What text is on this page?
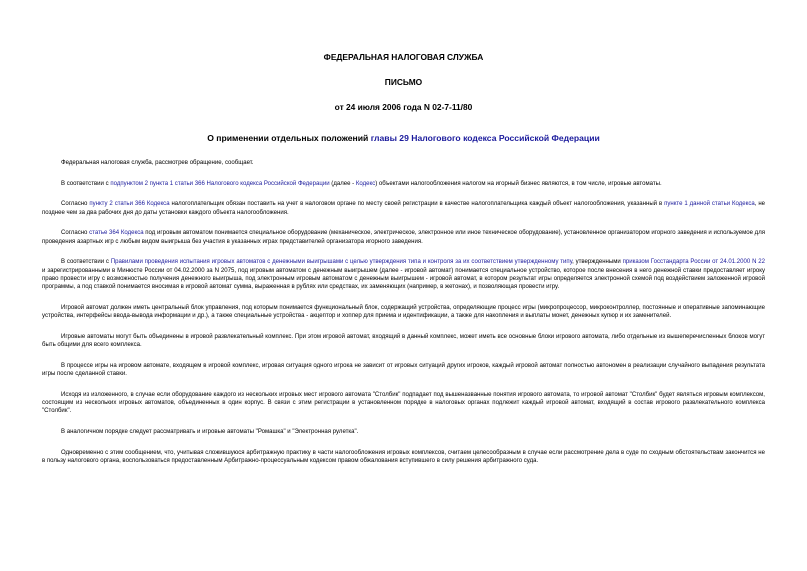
ФЕДЕРАЛЬНАЯ НАЛОГОВАЯ СЛУЖБА
ПИСЬМО
от 24 июля 2006 года N 02-7-11/80
О применении отдельных положений главы 29 Налогового кодекса Российской Федерации
Федеральная налоговая служба, рассмотрев обращение, сообщает.
В соответствии с подпунктом 2 пункта 1 статьи 366 Налогового кодекса Российской Федерации (далее - Кодекс) объектами налогообложения налогом на игорный бизнес являются, в том числе, игровые автоматы.
Согласно пункту 2 статьи 366 Кодекса налогоплательщик обязан поставить на учет в налоговом органе по месту своей регистрации в качестве налогоплательщика каждый объект налогообложения, указанный в пункте 1 данной статьи Кодекса, не позднее чем за два рабочих дня до даты установки каждого объекта налогообложения.
Согласно статье 364 Кодекса под игровым автоматом понимается специальное оборудование (механическое, электрическое, электронное или иное техническое оборудование), установленное организатором игорного заведения и используемое для проведения азартных игр с любым видом выигрыша без участия в указанных играх представителей организатора игорного заведения.
В соответствии с Правилами проведения испытания игровых автоматов с денежными выигрышами с целью утверждения типа и контроля за их соответствием утвержденному типу, утвержденными приказом Госстандарта России от 24.01.2000 N 22 и зарегистрированными в Минюсте России от 04.02.2000 за N 2075, под игровым автоматом с денежным выигрышем (далее - игровой автомат) понимается специальное устройство, которое после внесения в него денежной ставки предоставляет игроку право провести игру с возможностью получения денежного выигрыша, под электронным игровым автоматом с денежным выигрышем - игровой автомат, в котором результат игры определяется электронной схемой под воздействием заложенной игровой программы, а под ставкой понимается вносимая в игровой автомат сумма, выраженная в рублях или средствах, их заменяющих (например, в жетонах), и позволяющая провести игру.
Игровой автомат должен иметь центральный блок управления, под которым понимается функциональный блок, содержащий устройства, определяющие процесс игры (микропроцессор, микроконтроллер, постоянные и оперативные запоминающие устройства, интерфейсы ввода-вывода информации и др.), а также специальные устройства - акцептор и хоппер для приема и идентификации, а также для накопления и выплаты монет, денежных купюр и их заменителей.
Игровые автоматы могут быть объединены в игровой развлекательный комплекс. При этом игровой автомат, входящий в данный комплекс, может иметь все основные блоки игрового автомата, либо отдельные из вышеперечисленных блоков могут быть общими для всего комплекса.
В процессе игры на игровом автомате, входящем в игровой комплекс, игровая ситуация одного игрока не зависит от игровых ситуаций других игроков, каждый игровой автомат полностью автономен в реализации случайного выпадения результата игры после сделанной ставки.
Исходя из изложенного, в случае если оборудование каждого из нескольких игровых мест игрового автомата "Столбик" подпадает под вышеназванные понятия игрового автомата, то игровой автомат "Столбик" будет являться игровым комплексом, состоящим из нескольких игровых автоматов, объединенных в один корпус. В связи с этим регистрации в установленном порядке в налоговых органах подлежит каждый игровой автомат, входящий в состав игрового развлекательного комплекса "Столбик".
В аналогичном порядке следует рассматривать и игровые автоматы "Ромашка" и "Электронная рулетка".
Одновременно с этим сообщением, что, учитывая сложившуюся арбитражную практику в части налогообложения игровых комплексов, считаем целесообразным в случае если рассмотрение дела в суде по сходным обстоятельствам закончится не в пользу налогового органа, воспользоваться предоставленным Арбитражно-процессуальным кодексом правом обжалования вступившего в силу решения арбитражного суда.
